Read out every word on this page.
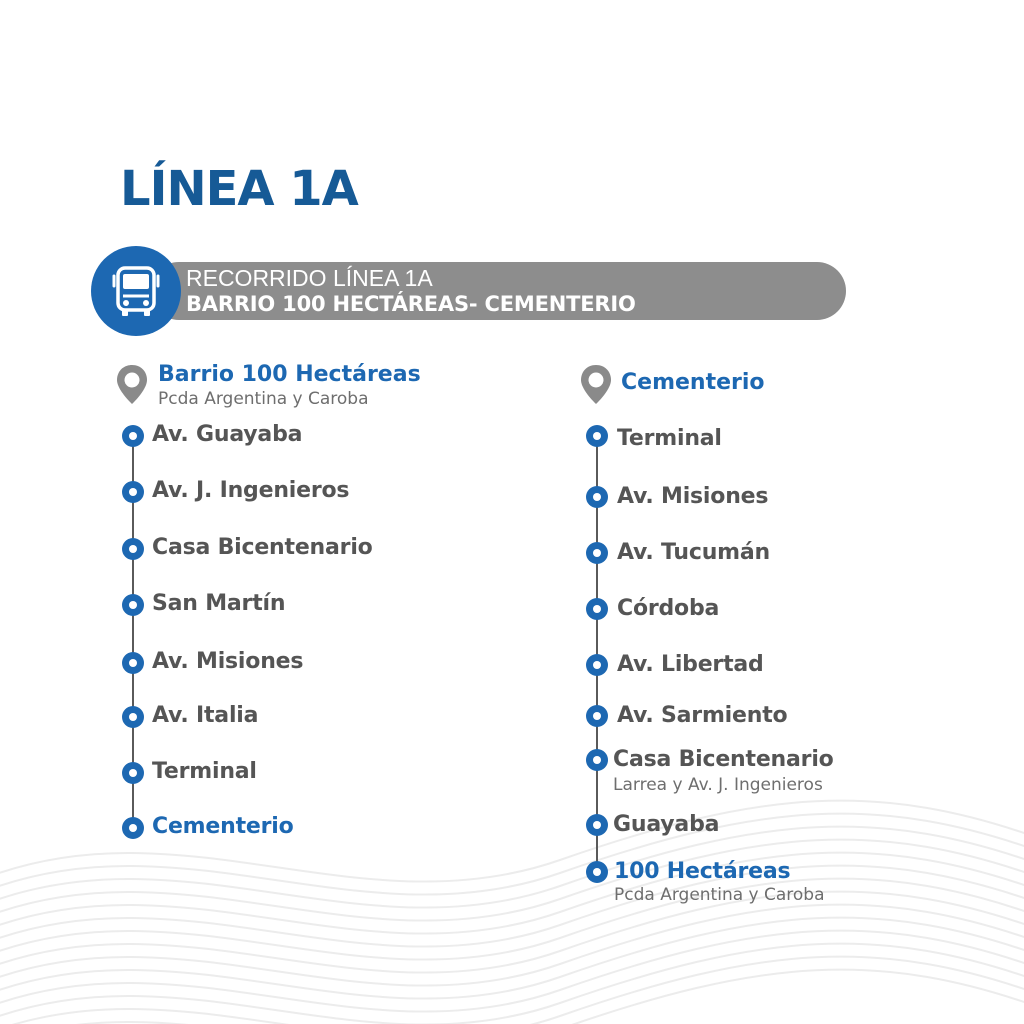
LÍNEA 1A
RECORRIDO LÍNEA 1A
BARRIO 100 HECTÁREAS- CEMENTERIO
Barrio 100 Hectáreas
Pcda Argentina y Caroba
Av. Guayaba
Av. J. Ingenieros
Casa Bicentenario
San Martín
Av. Misiones
Av. Italia
Terminal
Cementerio
Cementerio
Terminal
Av. Misiones
Av. Tucumán
Córdoba
Av. Libertad
Av. Sarmiento
Casa Bicentenario
Larrea y Av. J. Ingenieros
Guayaba
100 Hectáreas
Pcda Argentina y Caroba
